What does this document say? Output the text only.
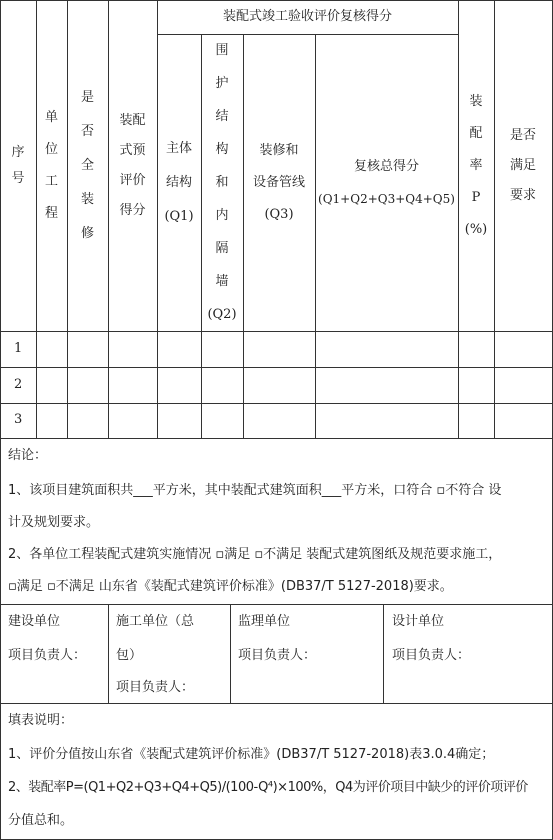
装配式竣工验收评价复核得分
序
号
单
位
工
程
是
否
全
装
修
装配
式预
评价
得分
主体
结构
(Q1)
围
护
结
构
和
内
隔
墙
(Q2)
装修和
设备管线
(Q3)
复核总得分
(Q1+Q2+Q3+Q4+Q5)
装
配
率
P
(%)
是否
满足
要求
1
2
3
结论：
1、该项目建筑面积共___平方米，其中装配式建筑面积___平方米，口符合 ▫不符合 设
计及规划要求。
2、各单位工程装配式建筑实施情况 ▫满足 ▫不满足 装配式建筑图纸及规范要求施工，
▫满足 ▫不满足 山东省《装配式建筑评价标准》(DB37/T 5127-2018)要求。
建设单位
项目负责人：
施工单位（总
包）
项目负责人：
监理单位
项目负责人：
设计单位
项目负责人：
填表说明：
1、评价分值按山东省《装配式建筑评价标准》(DB37/T 5127-2018)表3.0.4确定；
2、装配率P=(Q1+Q2+Q3+Q4+Q5)/(100-Q⁴)×100%，Q4为评价项目中缺少的评价项评价
分值总和。
